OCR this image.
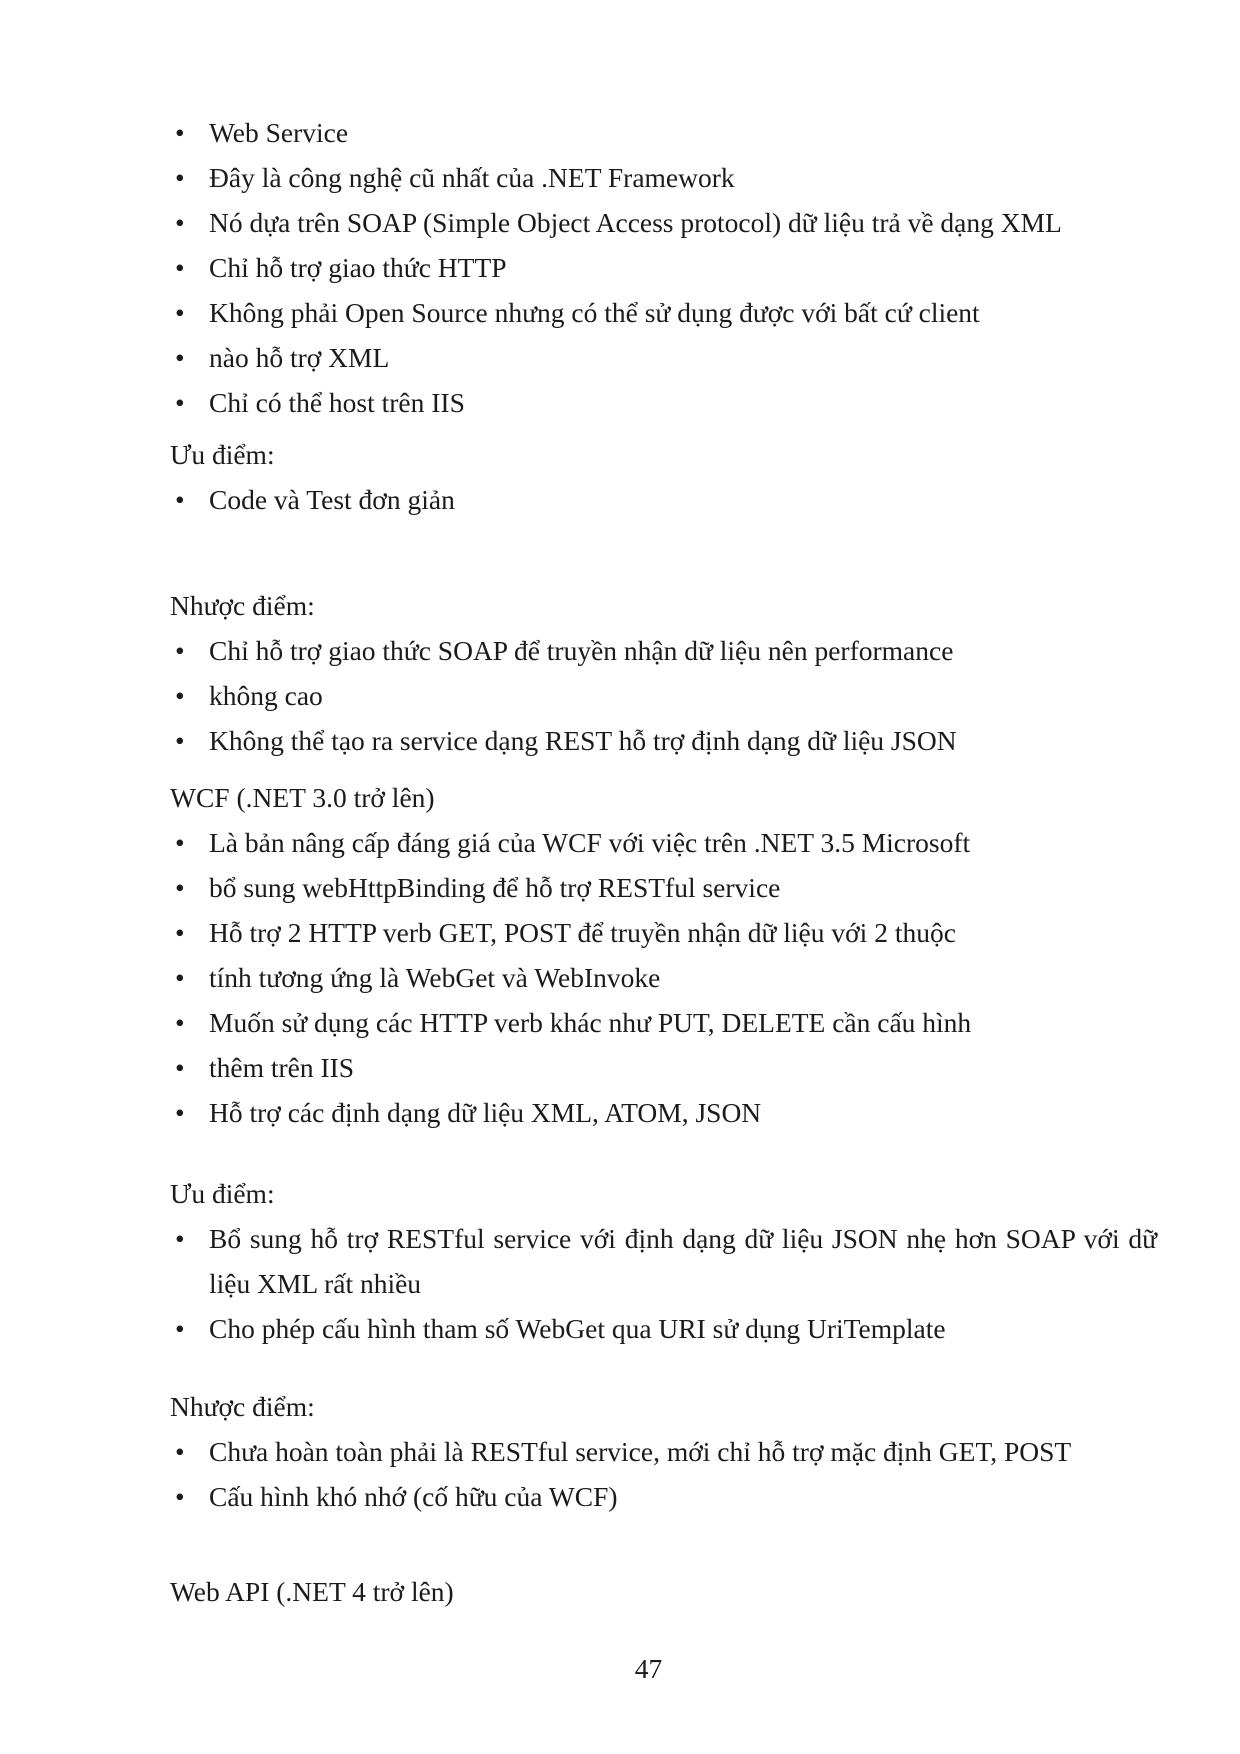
• Web Service

• Đây là công nghệ cũ nhất của .NET Framework

• Nó dựa trên SOAP (Simple Object Access protocol) dữ liệu trả về dạng XML

• Chỉ hỗ trợ giao thức HTTP

• Không phải Open Source nhưng có thể sử dụng được với bất cứ client

• nào hỗ trợ XML

• Chỉ có thể host trên IIS

Ưu điểm:

• Code và Test đơn giản

Nhược điểm:

• Chỉ hỗ trợ giao thức SOAP để truyền nhận dữ liệu nên performance

• không cao

• Không thể tạo ra service dạng REST hỗ trợ định dạng dữ liệu JSON

WCF (.NET 3.0 trở lên)

• Là bản nâng cấp đáng giá của WCF với việc trên .NET 3.5 Microsoft

• bổ sung webHttpBinding để hỗ trợ RESTful service

• Hỗ trợ 2 HTTP verb GET, POST để truyền nhận dữ liệu với 2 thuộc

• tính tương ứng là WebGet và WebInvoke

• Muốn sử dụng các HTTP verb khác như PUT, DELETE cần cấu hình

• thêm trên IIS

• Hỗ trợ các định dạng dữ liệu XML, ATOM, JSON

Ưu điểm:

• Bổ sung hỗ trợ RESTful service với định dạng dữ liệu JSON nhẹ hơn SOAP với dữ liệu XML rất nhiều

• Cho phép cấu hình tham số WebGet qua URI sử dụng UriTemplate

Nhược điểm:

• Chưa hoàn toàn phải là RESTful service, mới chỉ hỗ trợ mặc định GET, POST

• Cấu hình khó nhớ (cố hữu của WCF)

Web API (.NET 4 trở lên)
47
